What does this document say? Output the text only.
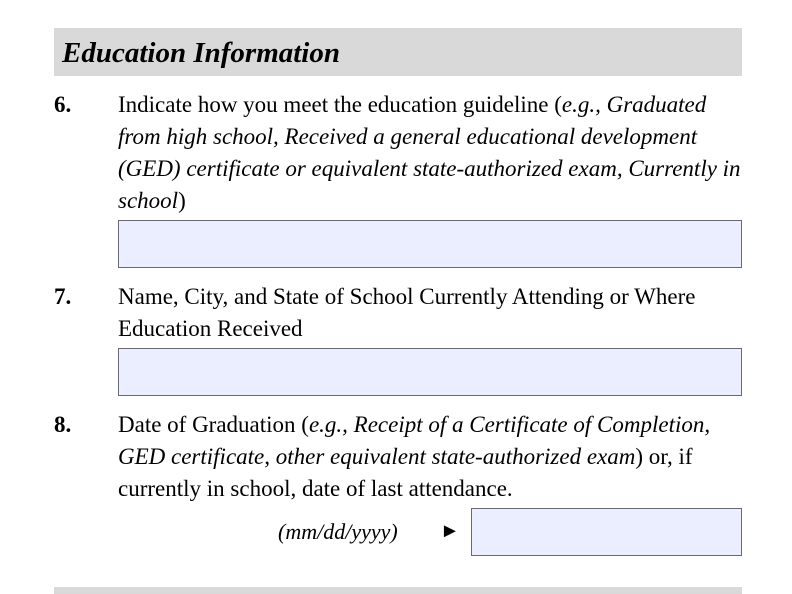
Education Information
6. Indicate how you meet the education guideline (e.g., Graduated from high school, Received a general educational development (GED) certificate or equivalent state-authorized exam, Currently in school)
7. Name, City, and State of School Currently Attending or Where Education Received
8. Date of Graduation (e.g., Receipt of a Certificate of Completion, GED certificate, other equivalent state-authorized exam) or, if currently in school, date of last attendance.
(mm/dd/yyyy) ►
